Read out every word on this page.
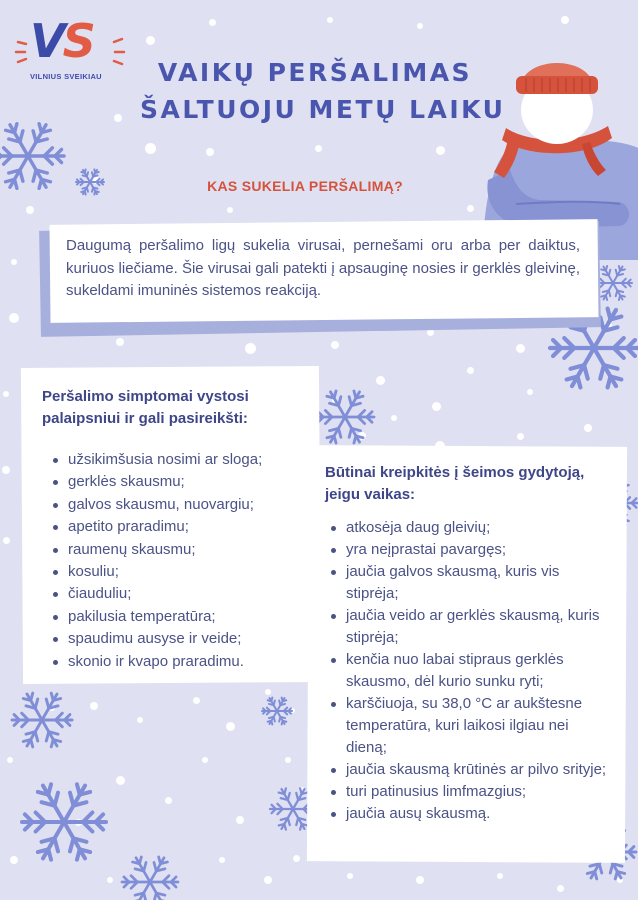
VS
VILNIUS SVEIKIAU	VAIKŲ PERŠALIMAS
ŠALTUOJU METŲ LAIKU
KAS SUKELIA PERŠALIMĄ?

Daugumą peršalimo ligų sukelia virusai, pernešami oru arba per daiktus, kuriuos liečiame. Šie virusai gali patekti į apsauginę nosies ir gerklės gleivinę, sukeldami imuninės sistemos reakciją.

Peršalimo simptomai vystosi palaipsniui ir gali pasireikšti:
užsikimšusia nosimi ar sloga;
gerklės skausmu;
galvos skausmu, nuovargiu;
apetito praradimu;
raumenų skausmu;
kosuliu;
čiauduliu;
pakilusia temperatūra;
spaudimu ausyse ir veide;
skonio ir kvapo praradimu.
Būtinai kreipkitės į šeimos gydytoją, jeigu vaikas:
atkosėja daug gleivių;
yra neįprastai pavargęs;
jaučia galvos skausmą, kuris vis stiprėja;
jaučia veido ar gerklės skausmą, kuris stiprėja;
kenčia nuo labai stipraus gerklės skausmo, dėl kurio sunku ryti;
karščiuoja, su 38,0 °C ar aukštesne temperatūra, kuri laikosi ilgiau nei dieną;
jaučia skausmą krūtinės ar pilvo srityje;
turi patinusius limfmazgius;
jaučia ausų skausmą.
